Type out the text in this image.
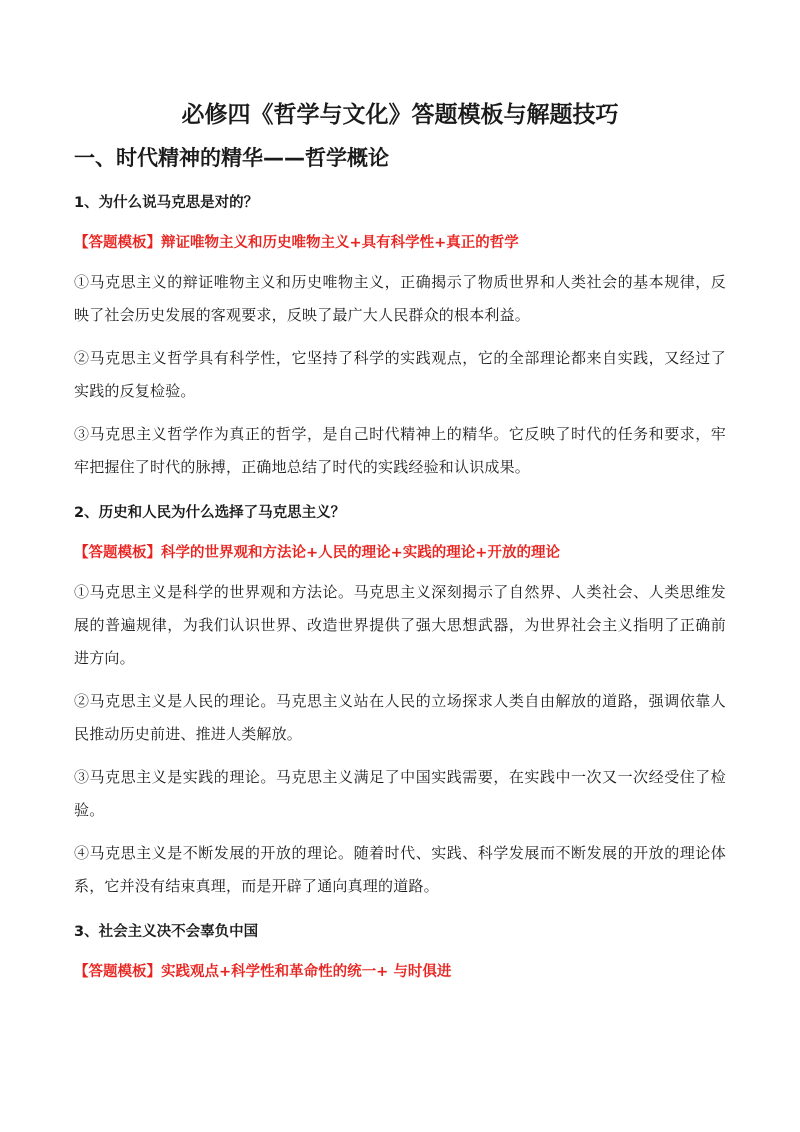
必修四《哲学与文化》答题模板与解题技巧
一、时代精神的精华——哲学概论
1、为什么说马克思是对的？
【答题模板】辩证唯物主义和历史唯物主义+具有科学性+真正的哲学

①马克思主义的辩证唯物主义和历史唯物主义，正确揭示了物质世界和人类社会的基本规律，反映了社会历史发展的客观要求，反映了最广大人民群众的根本利益。

②马克思主义哲学具有科学性，它坚持了科学的实践观点，它的全部理论都来自实践，又经过了实践的反复检验。

③马克思主义哲学作为真正的哲学，是自己时代精神上的精华。它反映了时代的任务和要求，牢牢把握住了时代的脉搏，正确地总结了时代的实践经验和认识成果。

2、历史和人民为什么选择了马克思主义？
【答题模板】科学的世界观和方法论+人民的理论+实践的理论+开放的理论

①马克思主义是科学的世界观和方法论。马克思主义深刻揭示了自然界、人类社会、人类思维发展的普遍规律，为我们认识世界、改造世界提供了强大思想武器，为世界社会主义指明了正确前进方向。

②马克思主义是人民的理论。马克思主义站在人民的立场探求人类自由解放的道路，强调依靠人民推动历史前进、推进人类解放。

③马克思主义是实践的理论。马克思主义满足了中国实践需要，在实践中一次又一次经受住了检验。

④马克思主义是不断发展的开放的理论。随着时代、实践、科学发展而不断发展的开放的理论体系，它并没有结束真理，而是开辟了通向真理的道路。

3、社会主义决不会辜负中国
【答题模板】实践观点+科学性和革命性的统一+ 与时俱进
